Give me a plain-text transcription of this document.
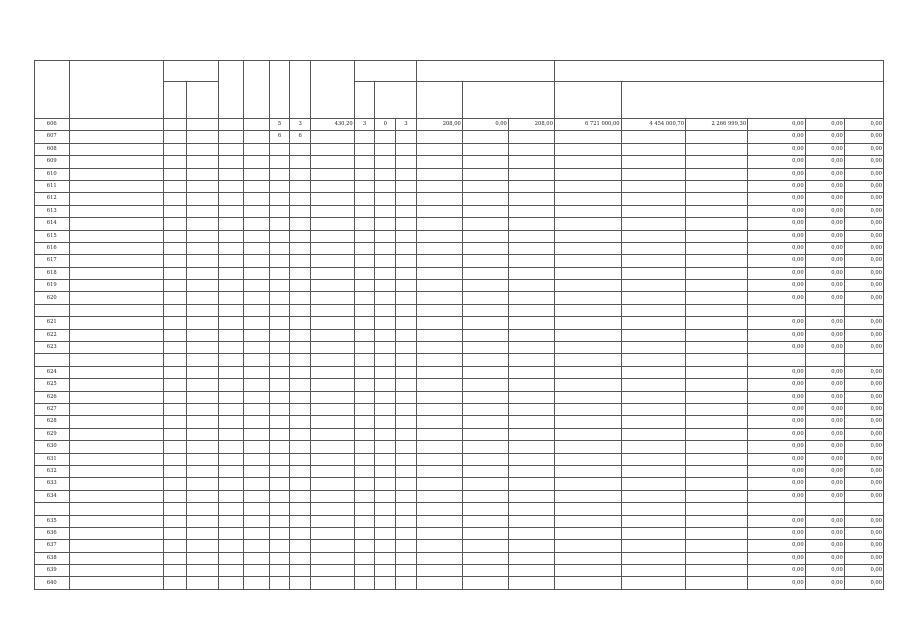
606						5	3	430,20	3	0	3	208,00	0,00	208,00	6 721 000,00	4 454 000,70	2 266 999,30	0,00	0,00	0,00
607						6	6											0,00	0,00	0,00
608																		0,00	0,00	0,00
609																		0,00	0,00	0,00
610																		0,00	0,00	0,00
611																		0,00	0,00	0,00
612																		0,00	0,00	0,00
613																		0,00	0,00	0,00
614																		0,00	0,00	0,00
615																		0,00	0,00	0,00
616																		0,00	0,00	0,00
617																		0,00	0,00	0,00
618																		0,00	0,00	0,00
619																		0,00	0,00	0,00
620																		0,00	0,00	0,00

621																		0,00	0,00	0,00
622																		0,00	0,00	0,00
623																		0,00	0,00	0,00

624																		0,00	0,00	0,00
625																		0,00	0,00	0,00
626																		0,00	0,00	0,00
627																		0,00	0,00	0,00
628																		0,00	0,00	0,00
629																		0,00	0,00	0,00
630																		0,00	0,00	0,00
631																		0,00	0,00	0,00
632																		0,00	0,00	0,00
633																		0,00	0,00	0,00
634																		0,00	0,00	0,00

635																		0,00	0,00	0,00
636																		0,00	0,00	0,00
637																		0,00	0,00	0,00
638																		0,00	0,00	0,00
639																		0,00	0,00	0,00
640																		0,00	0,00	0,00
